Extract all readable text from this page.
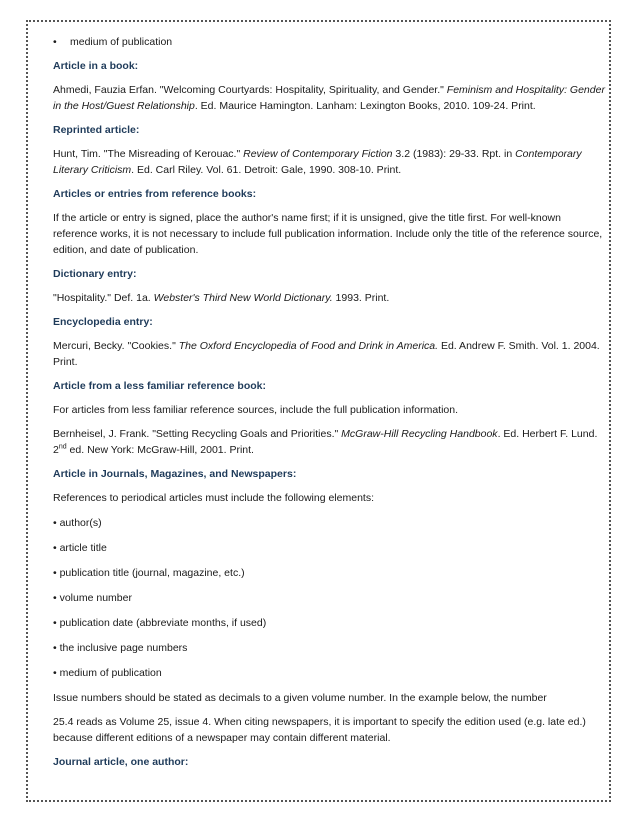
• medium of publication

Article in a book:

Ahmedi, Fauzia Erfan. "Welcoming Courtyards: Hospitality, Spirituality, and Gender." Feminism and Hospitality: Gender in the Host/Guest Relationship. Ed. Maurice Hamington. Lanham: Lexington Books, 2010. 109-24. Print.

Reprinted article:

Hunt, Tim. "The Misreading of Kerouac." Review of Contemporary Fiction 3.2 (1983): 29-33. Rpt. in Contemporary Literary Criticism. Ed. Carl Riley. Vol. 61. Detroit: Gale, 1990. 308-10. Print.

Articles or entries from reference books:

If the article or entry is signed, place the author's name first; if it is unsigned, give the title first. For well-known reference works, it is not necessary to include full publication information. Include only the title of the reference source, edition, and date of publication.

Dictionary entry:

"Hospitality." Def. 1a. Webster's Third New World Dictionary. 1993. Print.

Encyclopedia entry:

Mercuri, Becky. "Cookies." The Oxford Encyclopedia of Food and Drink in America. Ed. Andrew F. Smith. Vol. 1. 2004. Print.

Article from a less familiar reference book:

For articles from less familiar reference sources, include the full publication information.

Bernheisel, J. Frank. "Setting Recycling Goals and Priorities." McGraw-Hill Recycling Handbook. Ed. Herbert F. Lund. 2nd ed. New York: McGraw-Hill, 2001. Print.

Article in Journals, Magazines, and Newspapers:

References to periodical articles must include the following elements:

• author(s)

• article title

• publication title (journal, magazine, etc.)

• volume number

• publication date (abbreviate months, if used)

• the inclusive page numbers

• medium of publication

Issue numbers should be stated as decimals to a given volume number. In the example below, the number

25.4 reads as Volume 25, issue 4. When citing newspapers, it is important to specify the edition used (e.g. late ed.) because different editions of a newspaper may contain different material.

Journal article, one author:
